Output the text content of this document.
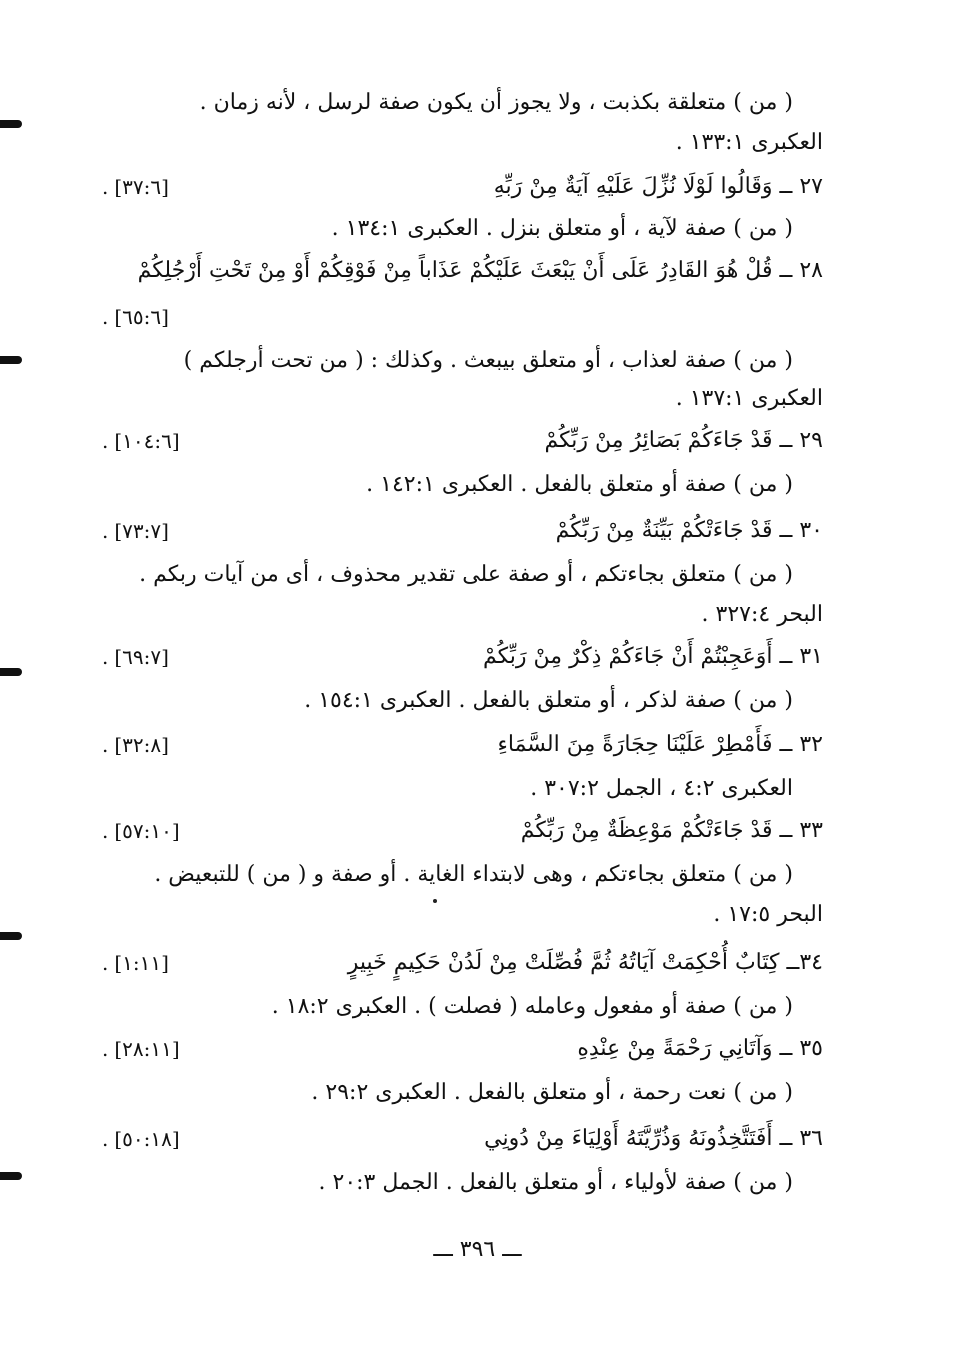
( من ) متعلقة بكذبت ، ولا يجوز أن يكون صفة لرسل ، لأنه زمان .
العكبرى ١٣٣:١ .
٢٧ ــ وَقَالُوا لَوْلَا نُزِّلَ عَلَيْهِ آيَةٌ مِنْ رَبِّهِ
. [٣٧:٦]
( من ) صفة لآية ، أو متعلق بنزل . العكبرى ١٣٤:١ .
٢٨ ــ قُلْ هُوَ القَادِرُ عَلَى أَنْ يَبْعَثَ عَلَيْكُمْ عَذَاباً مِنْ فَوْقِكُمْ أَوْ مِنْ تَحْتِ أَرْجُلِكُمْ
. [٦٥:٦]
( من ) صفة لعذاب ، أو متعلق بيبعث . وكذلك : ( من تحت أرجلكم )
العكبرى ١٣٧:١ .
٢٩ ــ قَدْ جَاءَكُمْ بَصَائِرُ مِنْ رَبِّكُمْ
. [١٠٤:٦]
( من ) صفة أو متعلق بالفعل . العكبرى ١٤٢:١ .
٣٠ ــ قَدْ جَاءَتْكُمْ بَيِّنَةٌ مِنْ رَبِّكُمْ
. [٧٣:٧]
( من ) متعلق بجاءتكم ، أو صفة على تقدير محذوف ، أى من آيات ربكم .
البحر ٣٢٧:٤ .
٣١ ــ أَوَعَجِبْتُمْ أَنْ جَاءَكُمْ ذِكْرٌ مِنْ رَبِّكُمْ
. [٦٩:٧]
( من ) صفة لذكر ، أو متعلق بالفعل . العكبرى ١٥٤:١ .
٣٢ ــ فَأَمْطِرْ عَلَيْنَا حِجَارَةً مِنَ السَّمَاءِ
. [٣٢:٨]
العكبرى ٤:٢ ، الجمل ٣٠٧:٢ .
٣٣ ــ قَدْ جَاءَتْكُمْ مَوْعِظَةٌ مِنْ رَبِّكُمْ
. [٥٧:١٠]
( من ) متعلق بجاءتكم ، وهى لابتداء الغاية . أو صفة و ( من ) للتبعيض .
البحر ١٧:٥ .
٣٤ــ كِتَابٌ أُحْكِمَتْ آيَاتُهُ ثُمَّ فُصِّلَتْ مِنْ لَدُنْ حَكِيمٍ خَبِيرٍ
. [١:١١]
( من ) صفة أو مفعول وعامله ( فصلت ) . العكبرى ١٨:٢ .
٣٥ ــ وَآتَانِي رَحْمَةً مِنْ عِنْدِهِ
. [٢٨:١١]
( من ) نعت رحمة ، أو متعلق بالفعل . العكبرى ٢٩:٢ .
٣٦ ــ أَفَتَتَّخِذُونَهُ وَذُرِّيَّتَهُ أَوْلِيَاءَ مِنْ دُونِي
. [٥٠:١٨]
( من ) صفة لأولياء ، أو متعلق بالفعل . الجمل ٢٠:٣ .
ـــ ٣٩٦ ـــ
